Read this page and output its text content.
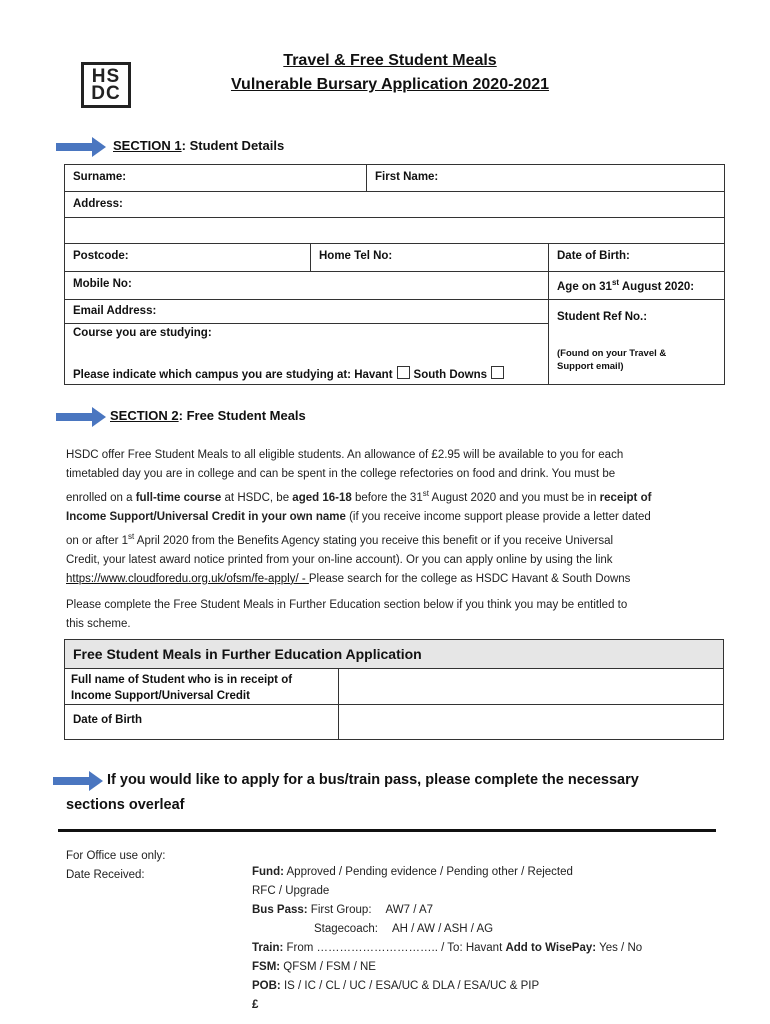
HS
DC
Travel & Free Student Meals
Vulnerable Bursary Application 2020-2021
SECTION 1: Student Details
Surname:	First Name:
Address:
Postcode:	Home Tel No:	Date of Birth:
Mobile No:	Age on 31st August 2020:
Email Address:
Course you are studying:
Please indicate which campus you are studying at: Havant South Downs
Student Ref No.:
(Found on your Travel &
Support email)
SECTION 2: Free Student Meals
HSDC offer Free Student Meals to all eligible students. An allowance of £2.95 will be available to you for each
timetabled day you are in college and can be spent in the college refectories on food and drink. You must be
enrolled on a full-time course at HSDC, be aged 16-18 before the 31st August 2020 and you must be in receipt of
Income Support/Universal Credit in your own name (if you receive income support please provide a letter dated
on or after 1st April 2020 from the Benefits Agency stating you receive this benefit or if you receive Universal
Credit, your latest award notice printed from your on-line account). Or you can apply online by using the link
https://www.cloudforedu.org.uk/ofsm/fe-apply/ - Please search for the college as HSDC Havant & South Downs
Please complete the Free Student Meals in Further Education section below if you think you may be entitled to
this scheme.
Free Student Meals in Further Education Application
Full name of Student who is in receipt of
Income Support/Universal Credit
Date of Birth
If you would like to apply for a bus/train pass, please complete the necessary
sections overleaf
For Office use only:
Date Received:	Fund: Approved / Pending evidence / Pending other / Rejected
RFC / Upgrade
Bus Pass: First Group: AW7 / A7
Stagecoach: AH / AW / ASH / AG
Train: From ………………………….. / To: Havant Add to WisePay: Yes / No
FSM: QFSM / FSM / NE
POB: IS / IC / CL / UC / ESA/UC & DLA / ESA/UC & PIP
£
